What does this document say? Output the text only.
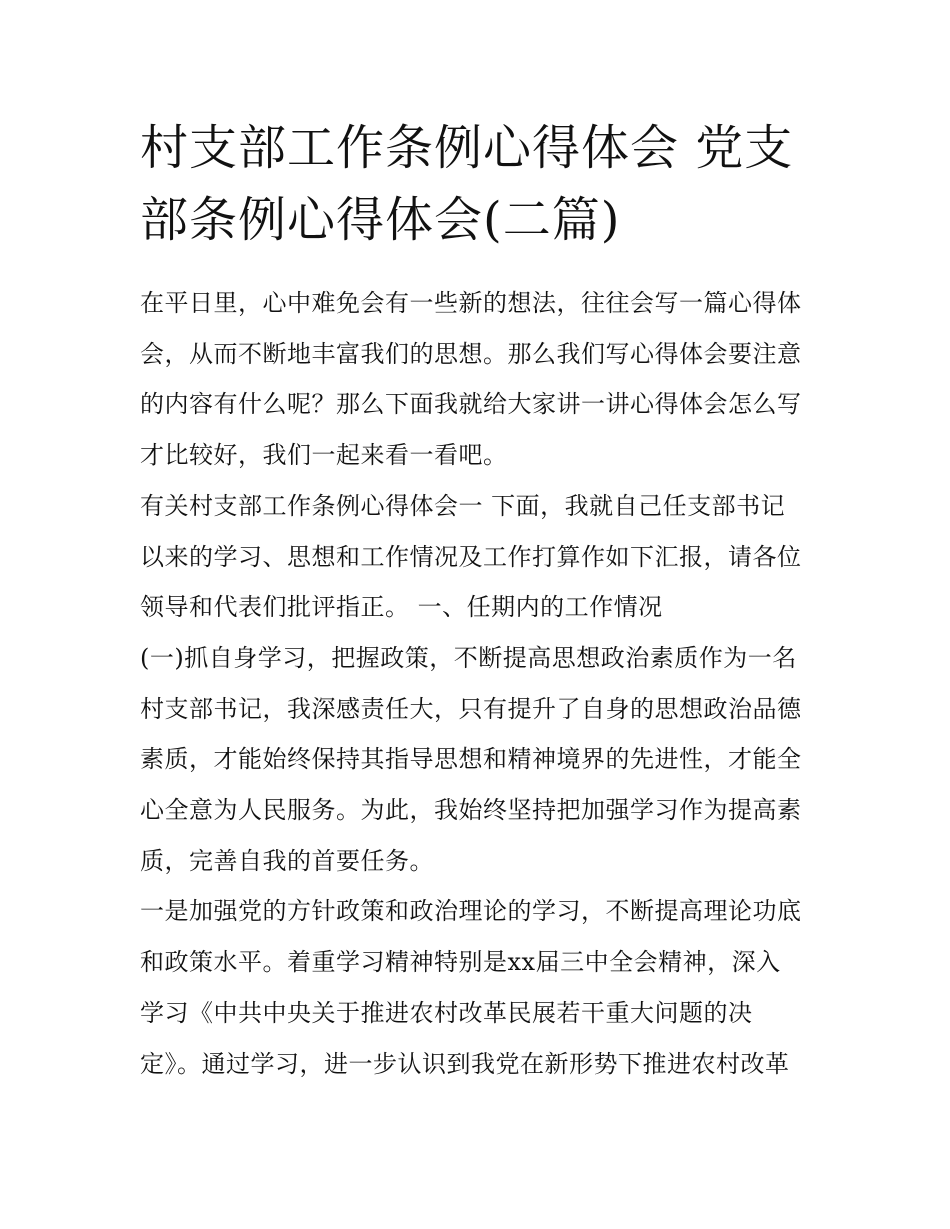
村支部工作条例心得体会 党支
部条例心得体会(二篇)
在平日里，心中难免会有一些新的想法，往往会写一篇心得体
会，从而不断地丰富我们的思想。那么我们写心得体会要注意
的内容有什么呢？那么下面我就给大家讲一讲心得体会怎么写
才比较好，我们一起来看一看吧。
有关村支部工作条例心得体会一 下面，我就自己任支部书记
以来的学习、思想和工作情况及工作打算作如下汇报，请各位
领导和代表们批评指正。 一、任期内的工作情况
(一)抓自身学习，把握政策，不断提高思想政治素质作为一名
村支部书记，我深感责任大，只有提升了自身的思想政治品德
素质，才能始终保持其指导思想和精神境界的先进性，才能全
心全意为人民服务。为此，我始终坚持把加强学习作为提高素
质，完善自我的首要任务。
一是加强党的方针政策和政治理论的学习，不断提高理论功底
和政策水平。着重学习精神特别是xx届三中全会精神，深入
学习《中共中央关于推进农村改革民展若干重大问题的决
定》。通过学习，进一步认识到我党在新形势下推进农村改革
